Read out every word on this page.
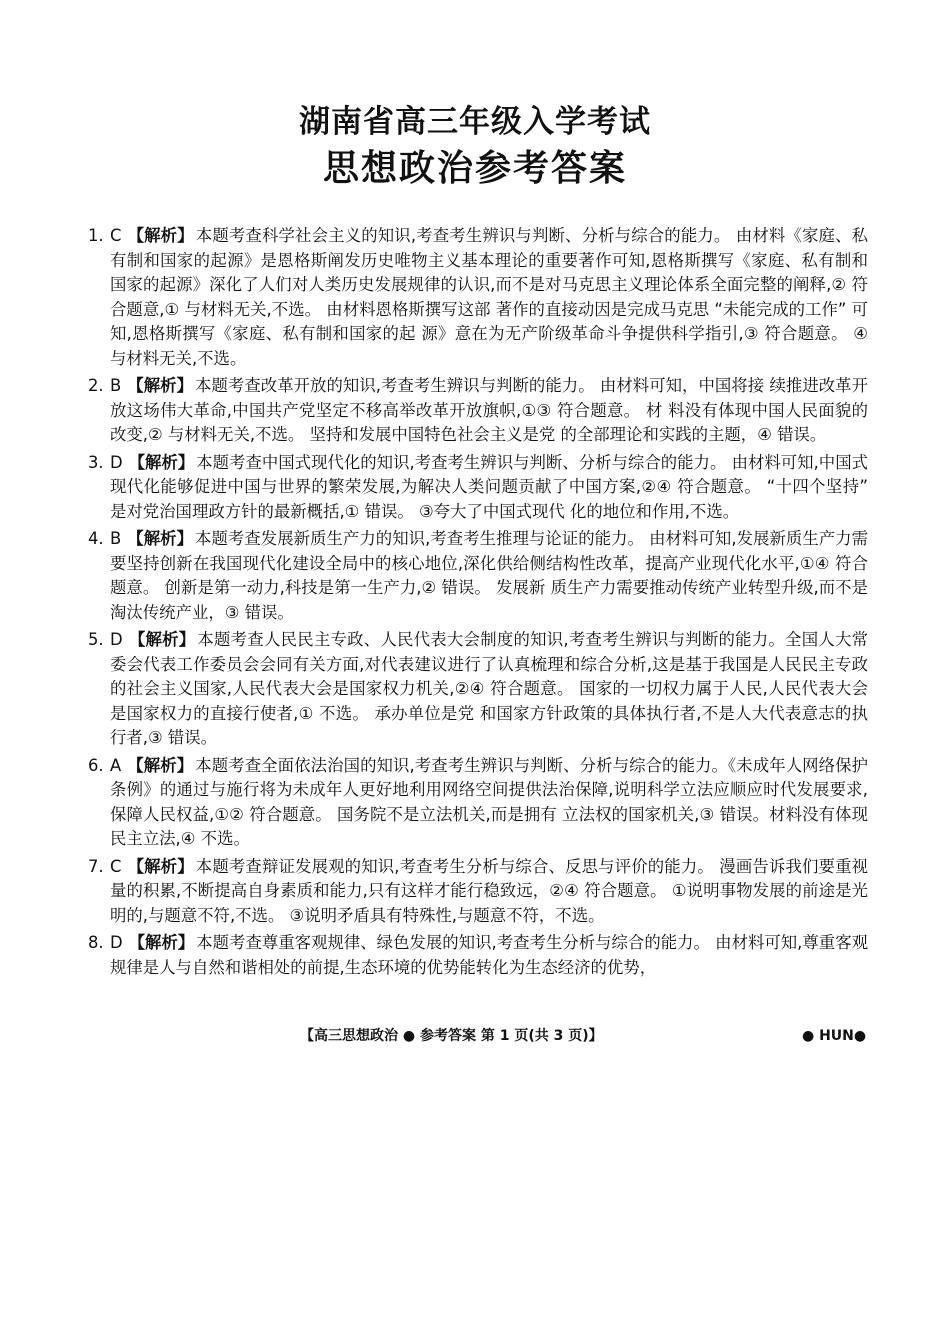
湖南省高三年级入学考试
思想政治参考答案
1. C 【解析】 本题考查科学社会主义的知识,考查考生辨识与判断、分析与综合的能力。 由材料《家庭、私有制和国家的起源》是恩格斯阐发历史唯物主义基本理论的重要著作可知,恩格斯撰写《家庭、私有制和国家的起源》深化了人们对人类历史发展规律的认识,而不是对马克思主义理论体系全面完整的阐释,② 符合题意,① 与材料无关,不选。 由材料恩格斯撰写这部 著作的直接动因是完成马克思 “未能完成的工作” 可知,恩格斯撰写《家庭、私有制和国家的起 源》意在为无产阶级革命斗争提供科学指引,③ 符合题意。 ④与材料无关,不选。
2. B 【解析】 本题考查改革开放的知识,考查考生辨识与判断的能力。 由材料可知，中国将接 续推进改革开放这场伟大革命,中国共产党坚定不移高举改革开放旗帜,①③ 符合题意。 材 料没有体现中国人民面貌的改变,② 与材料无关,不选。 坚持和发展中国特色社会主义是党 的全部理论和实践的主题，④ 错误。
3. D 【解析】 本题考查中国式现代化的知识,考查考生辨识与判断、分析与综合的能力。 由材料可知,中国式现代化能够促进中国与世界的繁荣发展,为解决人类问题贡献了中国方案,②④ 符合题意。 “十四个坚持” 是对党治国理政方针的最新概括,① 错误。 ③夸大了中国式现代 化的地位和作用,不选。
4. B 【解析】 本题考查发展新质生产力的知识,考查考生推理与论证的能力。 由材料可知,发展新质生产力需要坚持创新在我国现代化建设全局中的核心地位,深化供给侧结构性改革，提高产业现代化水平,①④ 符合题意。 创新是第一动力,科技是第一生产力,② 错误。 发展新 质生产力需要推动传统产业转型升级,而不是淘汰传统产业，③ 错误。
5. D 【解析】 本题考查人民民主专政、人民代表大会制度的知识,考查考生辨识与判断的能力。全国人大常委会代表工作委员会会同有关方面,对代表建议进行了认真梳理和综合分析,这是基于我国是人民民主专政的社会主义国家,人民代表大会是国家权力机关,②④ 符合题意。 国家的一切权力属于人民,人民代表大会是国家权力的直接行使者,① 不选。 承办单位是党 和国家方针政策的具体执行者,不是人大代表意志的执行者,③ 错误。
6. A 【解析】 本题考查全面依法治国的知识,考查考生辨识与判断、分析与综合的能力。《未成年人网络保护条例》的通过与施行将为未成年人更好地利用网络空间提供法治保障,说明科学立法应顺应时代发展要求,保障人民权益,①② 符合题意。 国务院不是立法机关,而是拥有 立法权的国家机关,③ 错误。材料没有体现民主立法,④ 不选。
7. C 【解析】 本题考查辩证发展观的知识,考查考生分析与综合、反思与评价的能力。 漫画告诉我们要重视量的积累,不断提高自身素质和能力,只有这样才能行稳致远，②④ 符合题意。 ①说明事物发展的前途是光明的,与题意不符,不选。 ③说明矛盾具有特殊性,与题意不符，不选。
8. D 【解析】 本题考查尊重客观规律、绿色发展的知识,考查考生分析与综合的能力。 由材料可知,尊重客观规律是人与自然和谐相处的前提,生态环境的优势能转化为生态经济的优势，
【高三思想政治 ● 参考答案 第 1 页(共 3 页)】	● HUN●
